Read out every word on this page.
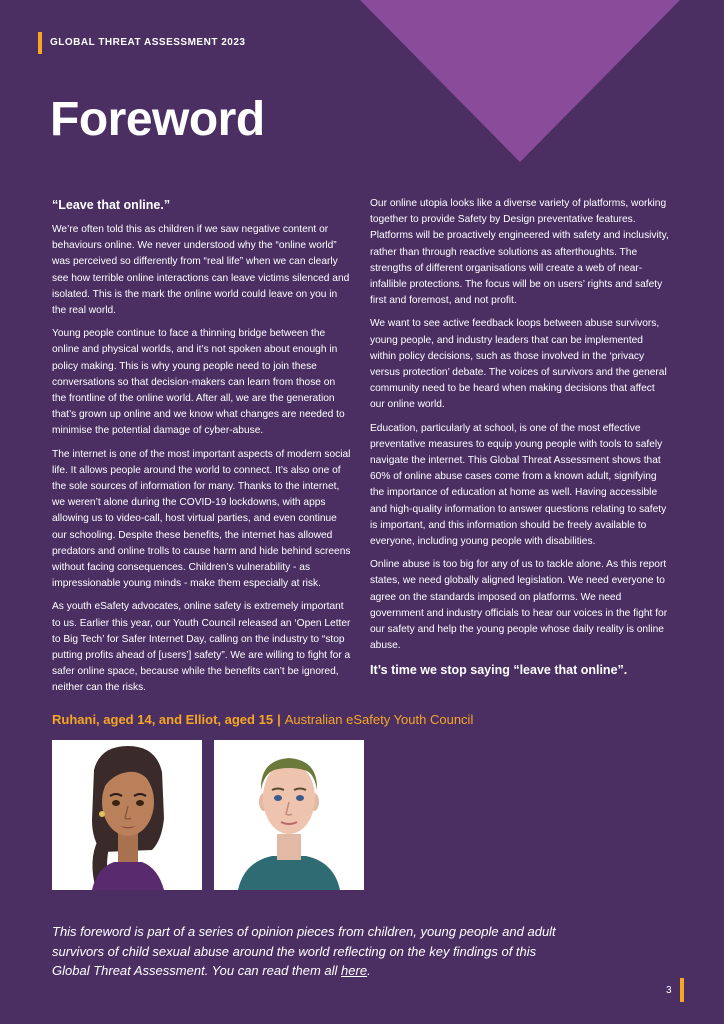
GLOBAL THREAT ASSESSMENT 2023
Foreword

“Leave that online.”

We’re often told this as children if we saw negative content or behaviours online. We never understood why the “online world” was perceived so differently from “real life” when we can clearly see how terrible online interactions can leave victims silenced and isolated. This is the mark the online world could leave on you in the real world.

Young people continue to face a thinning bridge between the online and physical worlds, and it’s not spoken about enough in policy making. This is why young people need to join these conversations so that decision-makers can learn from those on the frontline of the online world. After all, we are the generation that’s grown up online and we know what changes are needed to minimise the potential damage of cyber-abuse.

The internet is one of the most important aspects of modern social life. It allows people around the world to connect. It’s also one of the sole sources of information for many. Thanks to the internet, we weren’t alone during the COVID-19 lockdowns, with apps allowing us to video-call, host virtual parties, and even continue our schooling. Despite these benefits, the internet has allowed predators and online trolls to cause harm and hide behind screens without facing consequences. Children’s vulnerability - as impressionable young minds - make them especially at risk.

As youth eSafety advocates, online safety is extremely important to us. Earlier this year, our Youth Council released an ‘Open Letter to Big Tech’ for Safer Internet Day, calling on the industry to “stop putting profits ahead of [users’] safety”. We are willing to fight for a safer online space, because while the benefits can’t be ignored, neither can the risks.

Our online utopia looks like a diverse variety of platforms, working together to provide Safety by Design preventative features. Platforms will be proactively engineered with safety and inclusivity, rather than through reactive solutions as afterthoughts. The strengths of different organisations will create a web of near-infallible protections. The focus will be on users’ rights and safety first and foremost, and not profit.

We want to see active feedback loops between abuse survivors, young people, and industry leaders that can be implemented within policy decisions, such as those involved in the ‘privacy versus protection’ debate. The voices of survivors and the general community need to be heard when making decisions that affect our online world.

Education, particularly at school, is one of the most effective preventative measures to equip young people with tools to safely navigate the internet. This Global Threat Assessment shows that 60% of online abuse cases come from a known adult, signifying the importance of education at home as well. Having accessible and high-quality information to answer questions relating to safety is important, and this information should be freely available to everyone, including young people with disabilities.

Online abuse is too big for any of us to tackle alone. As this report states, we need globally aligned legislation. We need everyone to agree on the standards imposed on platforms. We need government and industry officials to hear our voices in the fight for our safety and help the young people whose daily reality is online abuse.

It’s time we stop saying “leave that online”.

Ruhani, aged 14, and Elliot, aged 15 | Australian eSafety Youth Council
This foreword is part of a series of opinion pieces from children, young people and adult survivors of child sexual abuse around the world reflecting on the key findings of this Global Threat Assessment. You can read them all here.
3
